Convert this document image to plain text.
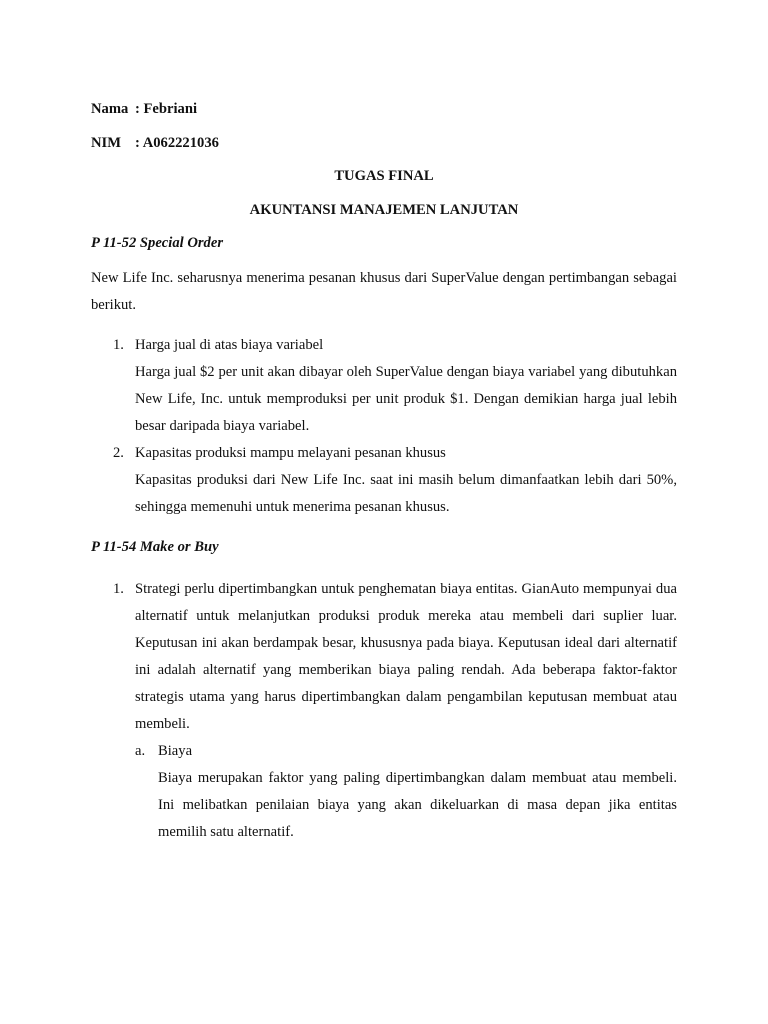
Nama : Febriani
NIM : A062221036
TUGAS FINAL
AKUNTANSI MANAJEMEN LANJUTAN
P 11-52 Special Order

New Life Inc. seharusnya menerima pesanan khusus dari SuperValue dengan pertimbangan sebagai berikut.

1. Harga jual di atas biaya variabel

Harga jual $2 per unit akan dibayar oleh SuperValue dengan biaya variabel yang dibutuhkan New Life, Inc. untuk memproduksi per unit produk $1. Dengan demikian harga jual lebih besar daripada biaya variabel.

2. Kapasitas produksi mampu melayani pesanan khusus

Kapasitas produksi dari New Life Inc. saat ini masih belum dimanfaatkan lebih dari 50%, sehingga memenuhi untuk menerima pesanan khusus.

P 11-54 Make or Buy
1. Strategi perlu dipertimbangkan untuk penghematan biaya entitas. GianAuto mempunyai dua alternatif untuk melanjutkan produksi produk mereka atau membeli dari suplier luar. Keputusan ini akan berdampak besar, khususnya pada biaya. Keputusan ideal dari alternatif ini adalah alternatif yang memberikan biaya paling rendah. Ada beberapa faktor-faktor strategis utama yang harus dipertimbangkan dalam pengambilan keputusan membuat atau membeli.

a. Biaya

Biaya merupakan faktor yang paling dipertimbangkan dalam membuat atau membeli. Ini melibatkan penilaian biaya yang akan dikeluarkan di masa depan jika entitas memilih satu alternatif.
